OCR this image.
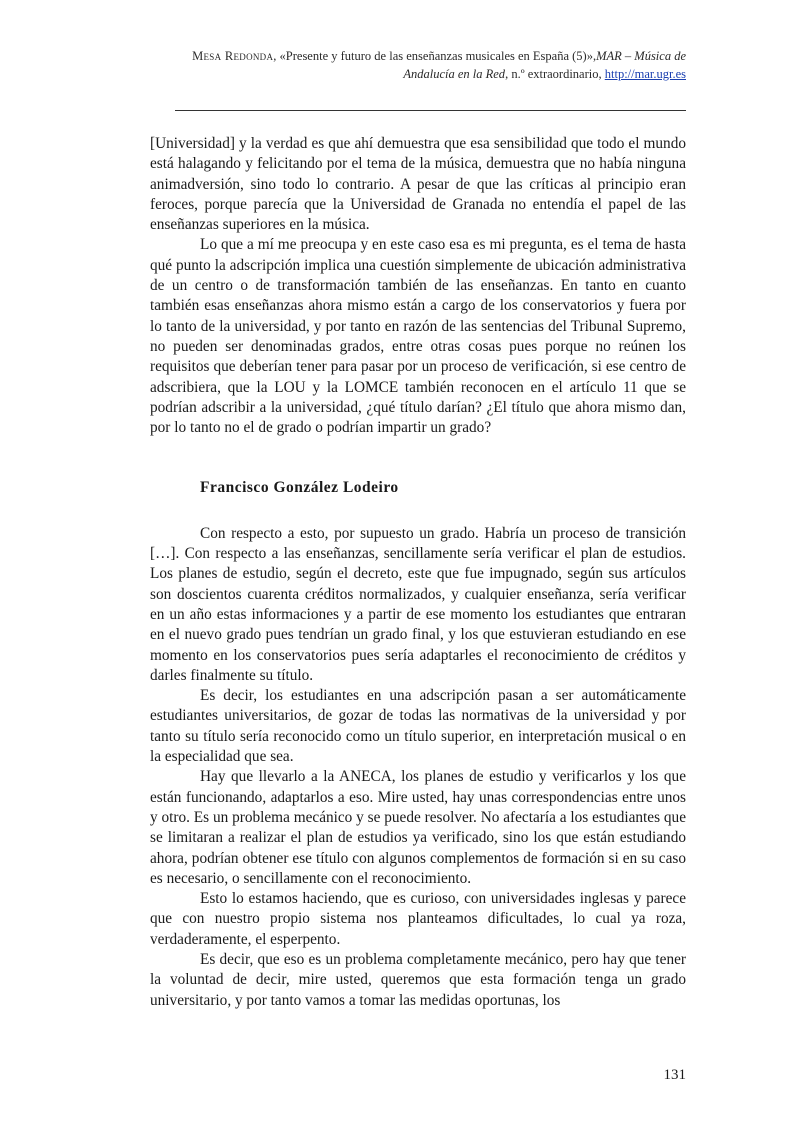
Mesa Redonda, «Presente y futuro de las enseñanzas musicales en España (5)»,MAR – Música de Andalucía en la Red, n.º extraordinario, http://mar.ugr.es

[Universidad] y la verdad es que ahí demuestra que esa sensibilidad que todo el mundo está halagando y felicitando por el tema de la música, demuestra que no había ninguna animadversión, sino todo lo contrario. A pesar de que las críticas al principio eran feroces, porque parecía que la Universidad de Granada no entendía el papel de las enseñanzas superiores en la música.

Lo que a mí me preocupa y en este caso esa es mi pregunta, es el tema de hasta qué punto la adscripción implica una cuestión simplemente de ubicación administrativa de un centro o de transformación también de las enseñanzas. En tanto en cuanto también esas enseñanzas ahora mismo están a cargo de los conservatorios y fuera por lo tanto de la universidad, y por tanto en razón de las sentencias del Tribunal Supremo, no pueden ser denominadas grados, entre otras cosas pues porque no reúnen los requisitos que deberían tener para pasar por un proceso de verificación, si ese centro de adscribiera, que la LOU y la LOMCE también reconocen en el artículo 11 que se podrían adscribir a la universidad, ¿qué título darían? ¿El título que ahora mismo dan, por lo tanto no el de grado o podrían impartir un grado?

Francisco González Lodeiro

Con respecto a esto, por supuesto un grado. Habría un proceso de transición […]. Con respecto a las enseñanzas, sencillamente sería verificar el plan de estudios. Los planes de estudio, según el decreto, este que fue impugnado, según sus artículos son doscientos cuarenta créditos normalizados, y cualquier enseñanza, sería verificar en un año estas informaciones y a partir de ese momento los estudiantes que entraran en el nuevo grado pues tendrían un grado final, y los que estuvieran estudiando en ese momento en los conservatorios pues sería adaptarles el reconocimiento de créditos y darles finalmente su título.

Es decir, los estudiantes en una adscripción pasan a ser automáticamente estudiantes universitarios, de gozar de todas las normativas de la universidad y por tanto su título sería reconocido como un título superior, en interpretación musical o en la especialidad que sea.

Hay que llevarlo a la ANECA, los planes de estudio y verificarlos y los que están funcionando, adaptarlos a eso. Mire usted, hay unas correspondencias entre unos y otro. Es un problema mecánico y se puede resolver. No afectaría a los estudiantes que se limitaran a realizar el plan de estudios ya verificado, sino los que están estudiando ahora, podrían obtener ese título con algunos complementos de formación si en su caso es necesario, o sencillamente con el reconocimiento.

Esto lo estamos haciendo, que es curioso, con universidades inglesas y parece que con nuestro propio sistema nos planteamos dificultades, lo cual ya roza, verdaderamente, el esperpento.

Es decir, que eso es un problema completamente mecánico, pero hay que tener la voluntad de decir, mire usted, queremos que esta formación tenga un grado universitario, y por tanto vamos a tomar las medidas oportunas, los

131
